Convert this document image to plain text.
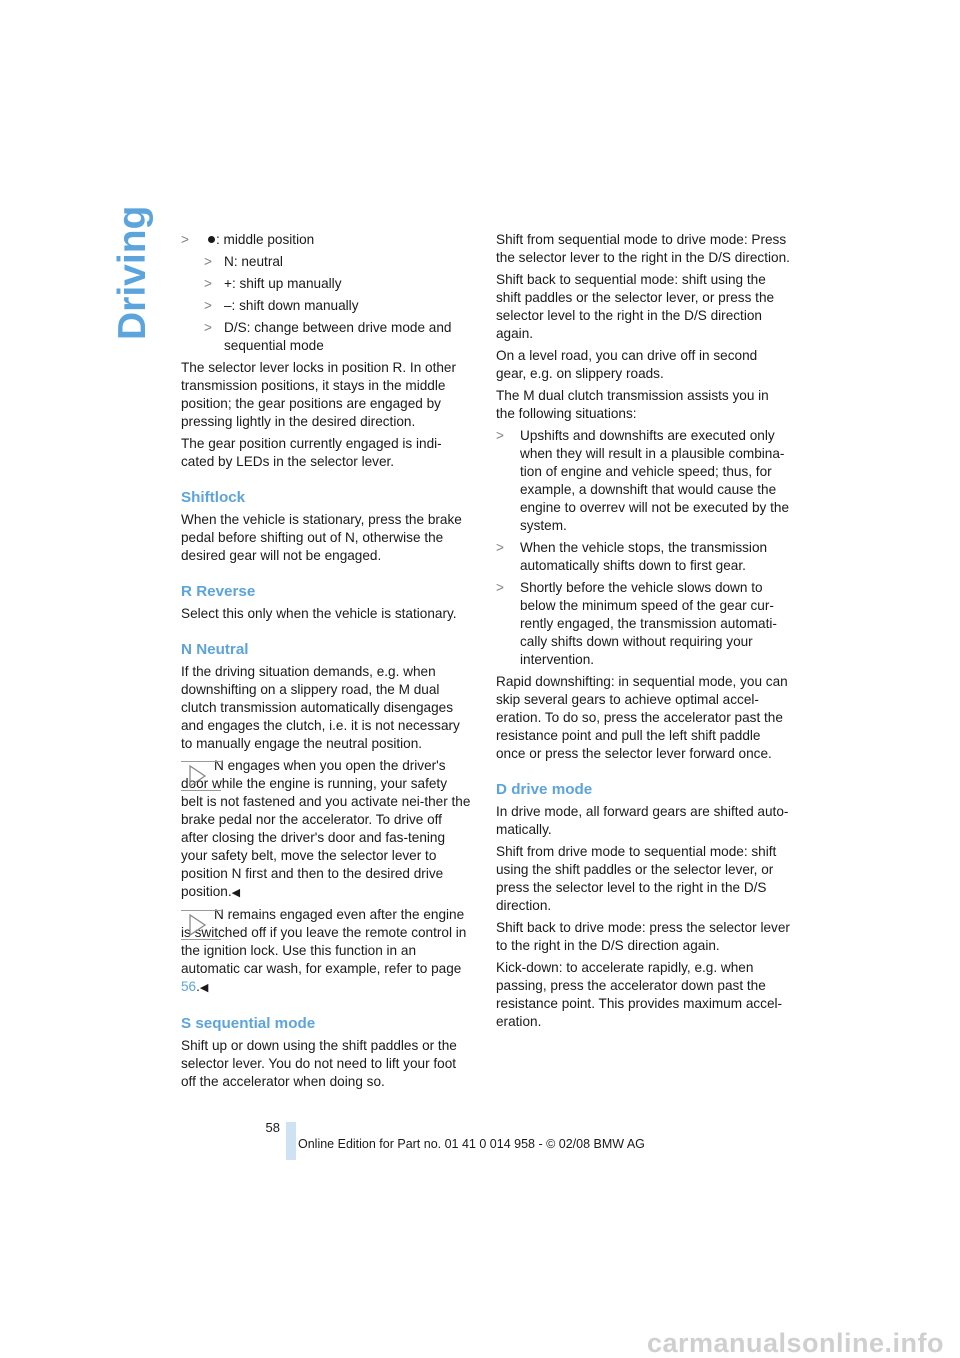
Driving > : middle position
> N: neutral
> +: shift up manually
> –: shift down manually
> D/S: change between drive mode and sequential mode

The selector lever locks in position R. In other transmission positions, it stays in the middle position; the gear positions are engaged by pressing lightly in the desired direction.

The gear position currently engaged is indi-cated by LEDs in the selector lever.

Shiftlock

When the vehicle is stationary, press the brake pedal before shifting out of N, otherwise the desired gear will not be engaged.

R Reverse

Select this only when the vehicle is stationary.

N Neutral

If the driving situation demands, e.g. when downshifting on a slippery road, the M dual clutch transmission automatically disengages and engages the clutch, i.e. it is not necessary to manually engage the neutral position.

N engages when you open the driver's door while the engine is running, your safety belt is not fastened and you activate nei-ther the brake pedal nor the accelerator. To drive off after closing the driver's door and fas-tening your safety belt, move the selector lever to position N first and then to the desired drive position.◀

N remains engaged even after the engine is switched off if you leave the remote control in the ignition lock. Use this function in an automatic car wash, for example, refer to page 56.◀

S sequential mode

Shift up or down using the shift paddles or the selector lever. You do not need to lift your foot off the accelerator when doing so.

Shift from sequential mode to drive mode: Press the selector lever to the right in the D/S direction.

Shift back to sequential mode: shift using the shift paddles or the selector lever, or press the selector level to the right in the D/S direction again.

On a level road, you can drive off in second gear, e.g. on slippery roads.

The M dual clutch transmission assists you in the following situations:

> Upshifts and downshifts are executed only when they will result in a plausible combina-tion of engine and vehicle speed; thus, for example, a downshift that would cause the engine to overrev will not be executed by the system.
> When the vehicle stops, the transmission automatically shifts down to first gear.
> Shortly before the vehicle slows down to below the minimum speed of the gear cur-rently engaged, the transmission automati-cally shifts down without requiring your intervention.

Rapid downshifting: in sequential mode, you can skip several gears to achieve optimal accel-eration. To do so, press the accelerator past the resistance point and pull the left shift paddle once or press the selector lever forward once.

D drive mode

In drive mode, all forward gears are shifted auto-matically.

Shift from drive mode to sequential mode: shift using the shift paddles or the selector lever, or press the selector level to the right in the D/S direction.

Shift back to drive mode: press the selector lever to the right in the D/S direction again.

Kick-down: to accelerate rapidly, e.g. when passing, press the accelerator down past the resistance point. This provides maximum accel-eration.

58
Online Edition for Part no. 01 41 0 014 958 - © 02/08 BMW AG
carmanualsonline.info
